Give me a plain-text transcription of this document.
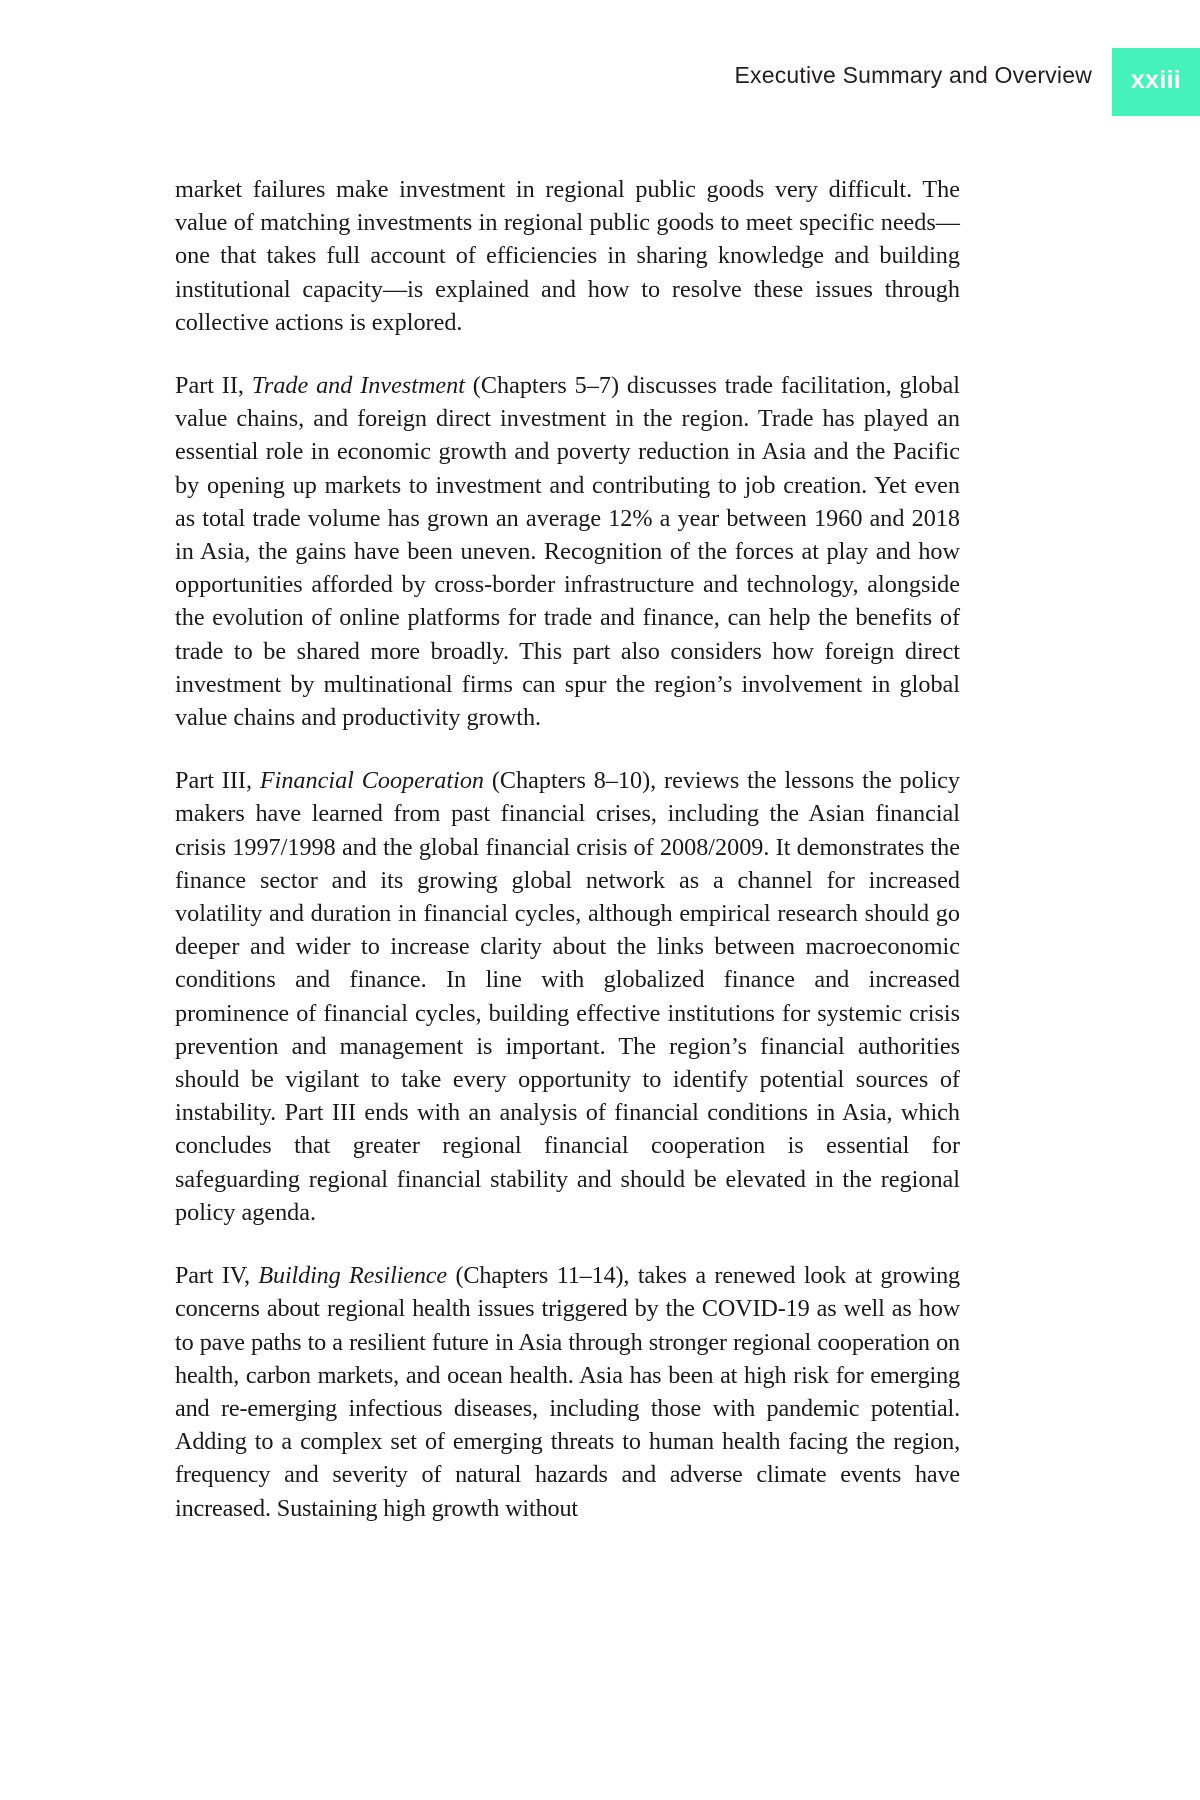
Executive Summary and Overview	xxiii

market failures make investment in regional public goods very difficult. The value of matching investments in regional public goods to meet specific needs—one that takes full account of efficiencies in sharing knowledge and building institutional capacity—is explained and how to resolve these issues through collective actions is explored.

Part II, Trade and Investment (Chapters 5–7) discusses trade facilitation, global value chains, and foreign direct investment in the region. Trade has played an essential role in economic growth and poverty reduction in Asia and the Pacific by opening up markets to investment and contributing to job creation. Yet even as total trade volume has grown an average 12% a year between 1960 and 2018 in Asia, the gains have been uneven. Recognition of the forces at play and how opportunities afforded by cross-border infrastructure and technology, alongside the evolution of online platforms for trade and finance, can help the benefits of trade to be shared more broadly. This part also considers how foreign direct investment by multinational firms can spur the region’s involvement in global value chains and productivity growth.

Part III, Financial Cooperation (Chapters 8–10), reviews the lessons the policy makers have learned from past financial crises, including the Asian financial crisis 1997/1998 and the global financial crisis of 2008/2009. It demonstrates the finance sector and its growing global network as a channel for increased volatility and duration in financial cycles, although empirical research should go deeper and wider to increase clarity about the links between macroeconomic conditions and finance. In line with globalized finance and increased prominence of financial cycles, building effective institutions for systemic crisis prevention and management is important. The region’s financial authorities should be vigilant to take every opportunity to identify potential sources of instability. Part III ends with an analysis of financial conditions in Asia, which concludes that greater regional financial cooperation is essential for safeguarding regional financial stability and should be elevated in the regional policy agenda.

Part IV, Building Resilience (Chapters 11–14), takes a renewed look at growing concerns about regional health issues triggered by the COVID-19 as well as how to pave paths to a resilient future in Asia through stronger regional cooperation on health, carbon markets, and ocean health. Asia has been at high risk for emerging and re-emerging infectious diseases, including those with pandemic potential. Adding to a complex set of emerging threats to human health facing the region, frequency and severity of natural hazards and adverse climate events have increased. Sustaining high growth without
